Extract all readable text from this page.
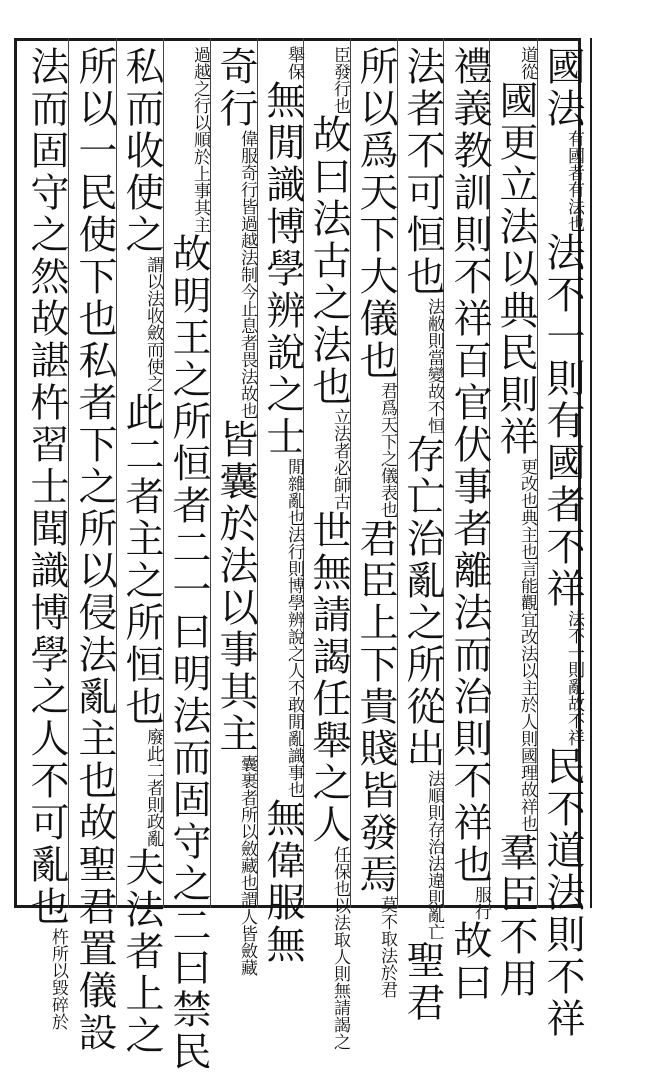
國法有國者有法也法不一則有國者不祥法不一則亂故不祥民不道法則不祥
道從國更立法以典民則祥更改也典主也言能觀宜改法以主於人則國理故祥也羣臣不用
禮義教訓則不祥百官伏事者離法而治則不祥也服行故曰
法者不可恒也法敝則當變故不恒存亡治亂之所從出法順則存治法違則亂亡聖君
所以爲天下大儀也君爲天下之儀表也君臣上下貴賤皆發焉莫不取法於君
臣發行也故曰法古之法也立法者必師古世無請謁任舉之人任保也以法取人則無請謁之
舉保無閒識博學辨說之士閒雜亂也法行則博學辨說之人不敢閒亂識事也無偉服無
奇行偉服奇行皆過越法制今止息者畏法故也皆囊於法以事其主囊裹者所以斂藏也謂人皆斂藏
過越之行以順於上事其主故明王之所恒者二一曰明法而固守之二曰禁民
私而收使之謂以法收斂而使之此二者主之所恒也廢此二者則政亂夫法者上之
所以一民使下也私者下之所以侵法亂主也故聖君置儀設
法而固守之然故諶杵習士聞識博學之人不可亂也杵所以毀碎於
